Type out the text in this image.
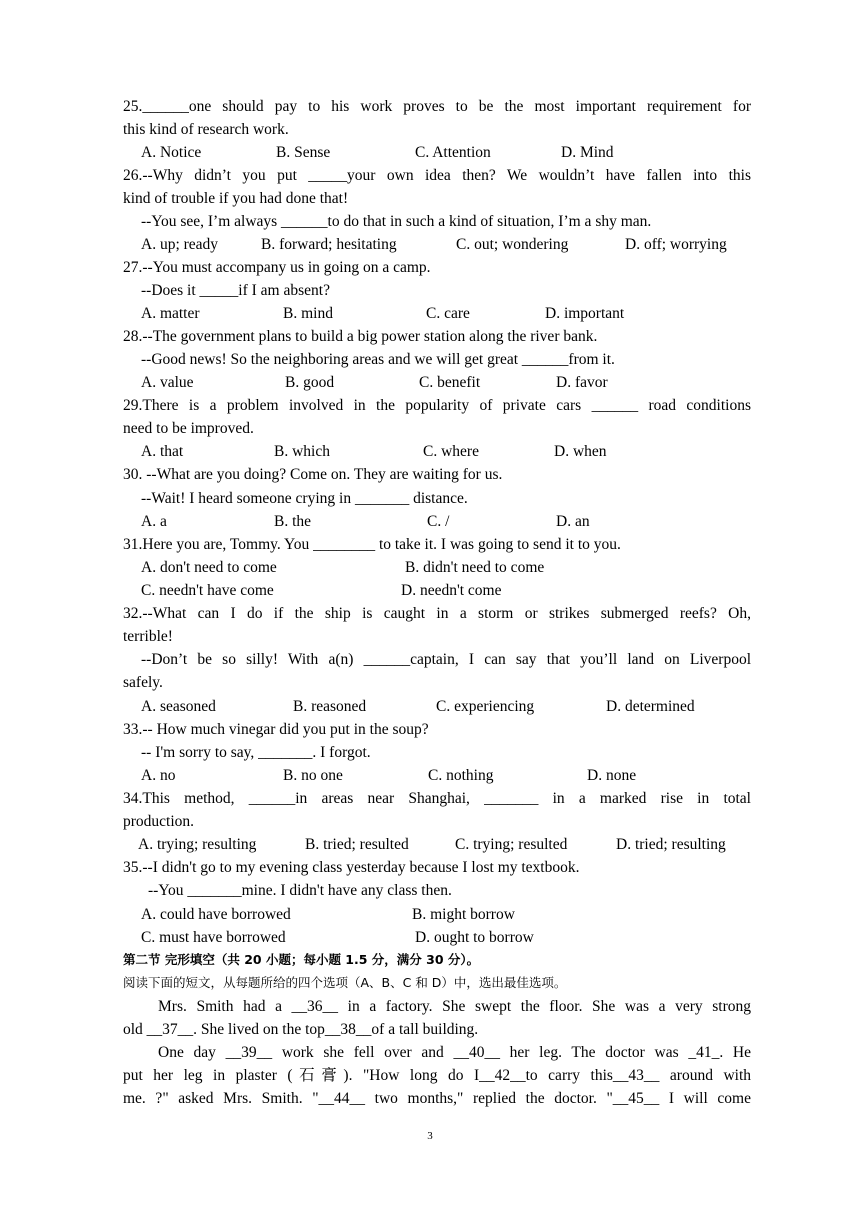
25.______one should pay to his work proves to be the most important requirement for
this kind of research work.
A. Notice	B. Sense	C. Attention	D. Mind
26.--Why didn’t you put _____your own idea then? We wouldn’t have fallen into this
kind of trouble if you had done that!
--You see, I’m always ______to do that in such a kind of situation, I’m a shy man.
A. up; ready	B. forward; hesitating	C. out; wondering	D. off; worrying
27.--You must accompany us in going on a camp.
--Does it _____if I am absent?
A. matter	B. mind	C. care	D. important
28.--The government plans to build a big power station along the river bank.
--Good news! So the neighboring areas and we will get great ______from it.
A. value	B. good	C. benefit	D. favor
29.There is a problem involved in the popularity of private cars ______ road conditions
need to be improved.
A. that	B. which	C. where	D. when
30. --What are you doing? Come on. They are waiting for us.
--Wait! I heard someone crying in _______ distance.
A. a	B. the	C. /	D. an
31.Here you are, Tommy. You ________ to take it. I was going to send it to you.
A. don't need to come	B. didn't need to come
C. needn't have come	D. needn't come
32.--What can I do if the ship is caught in a storm or strikes submerged reefs? Oh,
terrible!
--Don’t be so silly! With a(n) ______captain, I can say that you’ll land on Liverpool
safely.
A. seasoned	B. reasoned	C. experiencing	D. determined
33.-- How much vinegar did you put in the soup?
-- I'm sorry to say, _______. I forgot.
A. no	B. no one	C. nothing	D. none
34.This method, ______in areas near Shanghai, _______ in a marked rise in total
production.
A. trying; resulting	B. tried; resulted	C. trying; resulted	D. tried; resulting
35.--I didn't go to my evening class yesterday because I lost my textbook.
--You _______mine. I didn't have any class then.
A. could have borrowed	B. might borrow
C. must have borrowed	D. ought to borrow
第二节 完形填空（共 20 小题；每小题 1.5 分，满分 30 分）。
阅读下面的短文，从每题所给的四个选项（A、B、C 和 D）中，选出最佳选项。
Mrs. Smith had a __36__ in a factory. She swept the floor. She was a very strong
old __37__. She lived on the top__38__of a tall building.
One day __39__ work she fell over and __40__ her leg. The doctor was _41_. He
put her leg in plaster (石膏). "How long do I__42__to carry this__43__ around with
me. ?" asked Mrs. Smith. "__44__ two months," replied the doctor. "__45__ I will come
3
